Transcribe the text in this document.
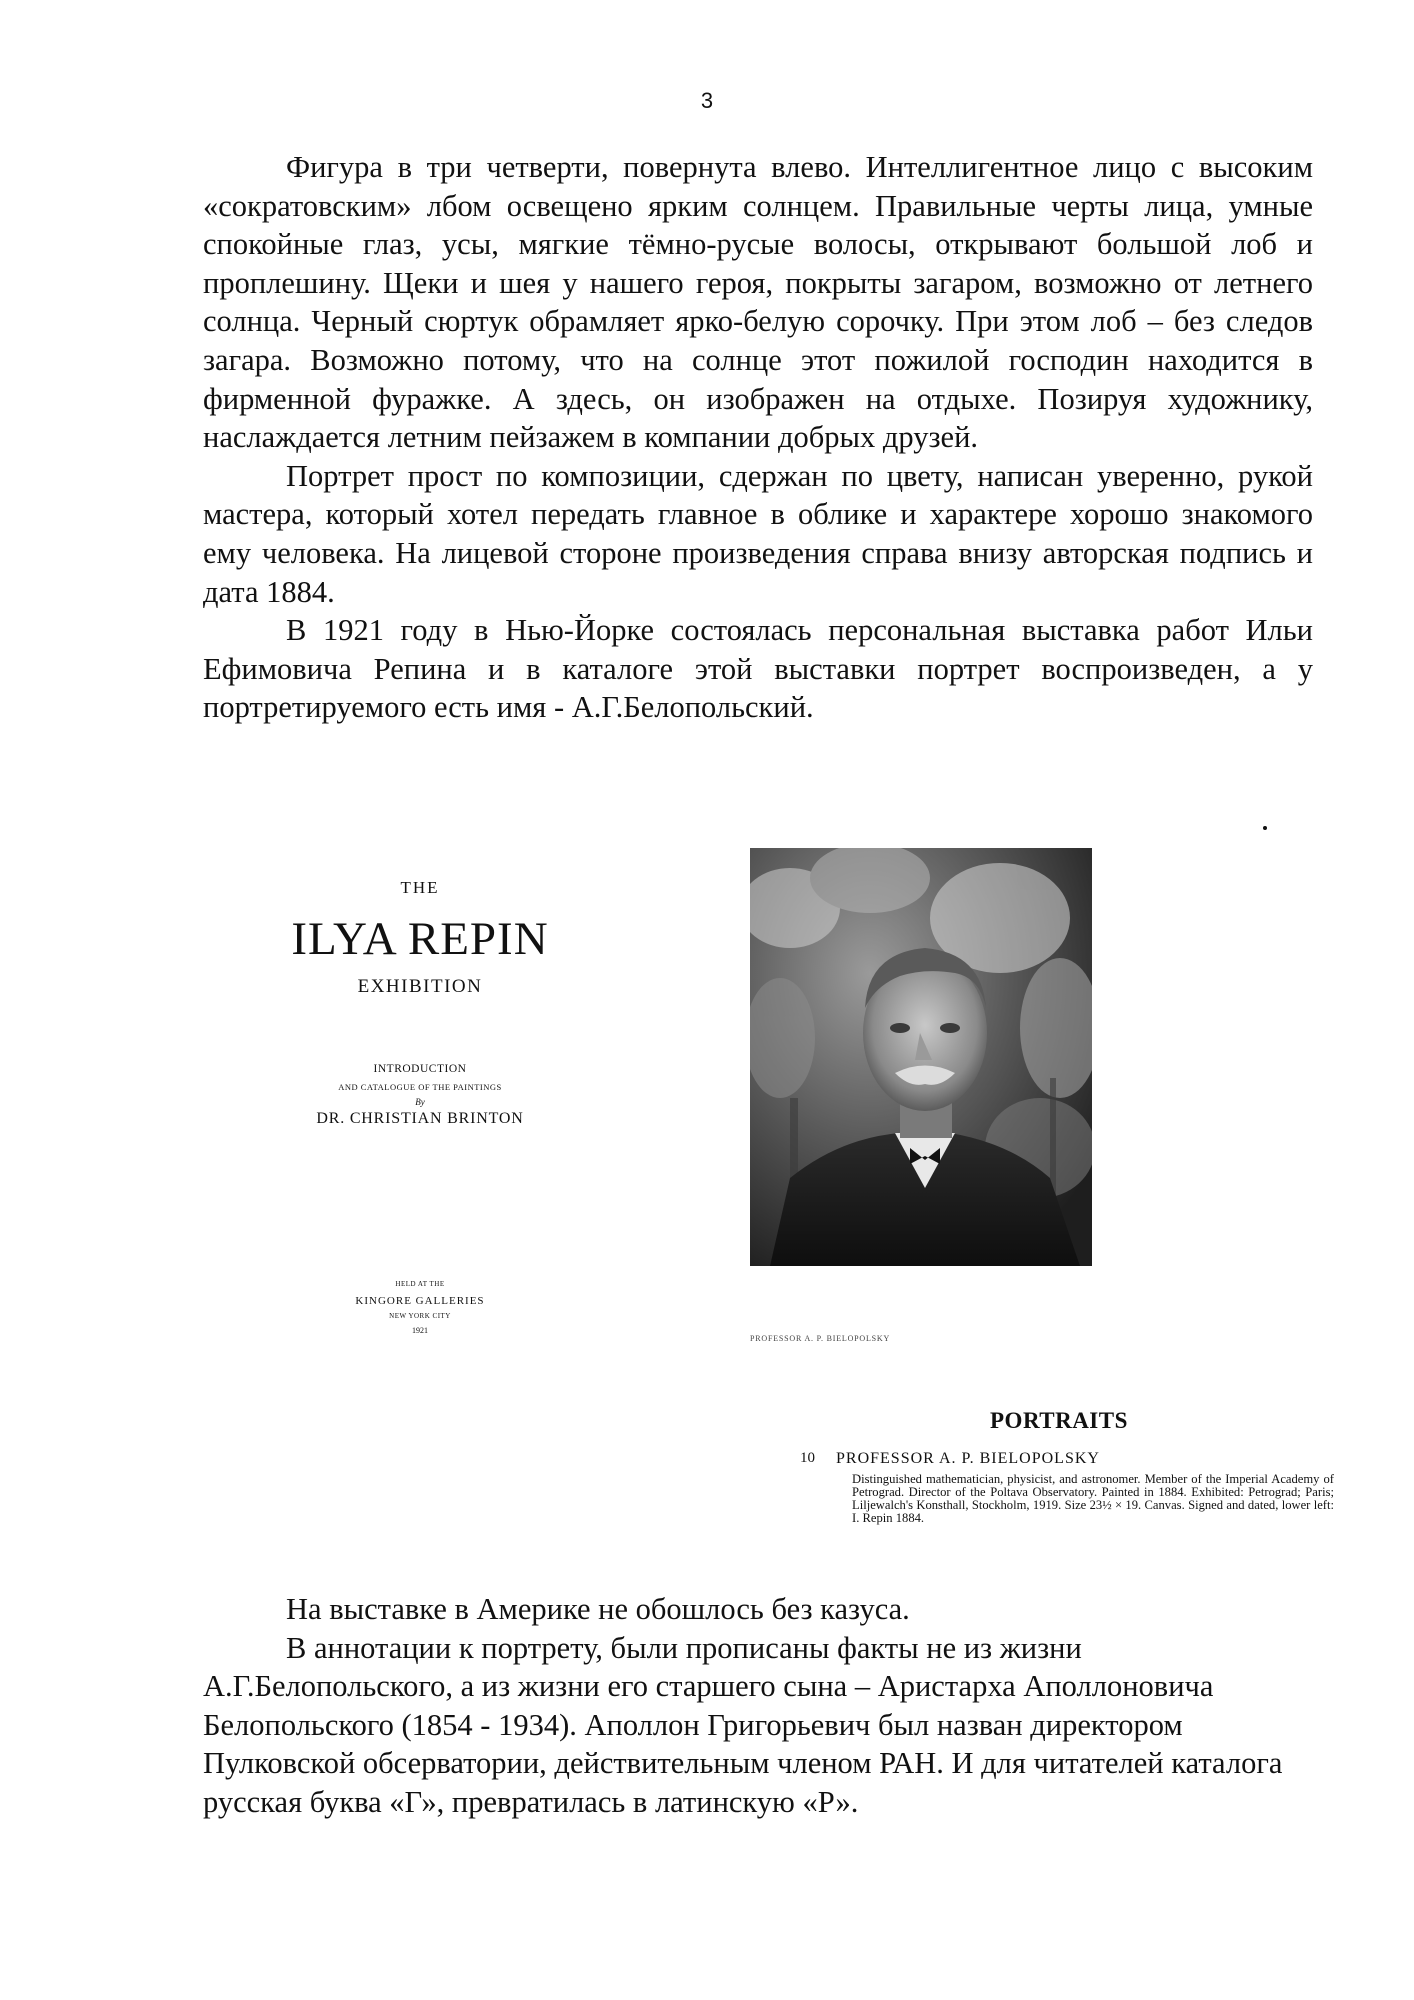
3

Фигура в три четверти, повернута влево. Интеллигентное лицо с высоким «сократовским» лбом освещено ярким солнцем. Правильные черты лица, умные спокойные глаз, усы, мягкие тёмно-русые волосы, открывают большой лоб и проплешину. Щеки и шея у нашего героя, покрыты загаром, возможно от летнего солнца. Черный сюртук обрамляет ярко-белую сорочку. При этом лоб – без следов загара. Возможно потому, что на солнце этот пожилой господин находится в фирменной фуражке. А здесь, он изображен на отдыхе. Позируя художнику, наслаждается летним пейзажем в компании добрых друзей.

Портрет прост по композиции, сдержан по цвету, написан уверенно, рукой мастера, который хотел передать главное в облике и характере хорошо знакомого ему человека. На лицевой стороне произведения справа внизу авторская подпись и дата 1884.

В 1921 году в Нью-Йорке состоялась персональная выставка работ Ильи Ефимовича Репина и в каталоге этой выставки портрет воспроизведен, а у портретируемого есть имя - А.Г.Белопольский.

THE
ILYA REPIN
EXHIBITION
INTRODUCTION
AND CATALOGUE OF THE PAINTINGS
By
DR. CHRISTIAN BRINTON
HELD AT THE
KINGORE GALLERIES
NEW YORK CITY
1921
PROFESSOR A. P. BIELOPOLSKY
PORTRAITS
10 PROFESSOR A. P. BIELOPOLSKY
Distinguished mathematician, physicist, and astronomer. Member of the Imperial Academy of Petrograd. Director of the Poltava Observatory. Painted in 1884. Exhibited: Petrograd; Paris; Liljewalch's Konsthall, Stockholm, 1919. Size 23½ × 19. Canvas. Signed and dated, lower left: I. Repin 1884.

На выставке в Америке не обошлось без казуса.

В аннотации к портрету, были прописаны факты не из жизни А.Г.Белопольского, а из жизни его старшего сына – Аристарха Аполлоновича Белопольского (1854 - 1934). Аполлон Григорьевич был назван директором Пулковской обсерватории, действительным членом РАН. И для читателей каталога русская буква «Г», превратилась в латинскую «Р».
